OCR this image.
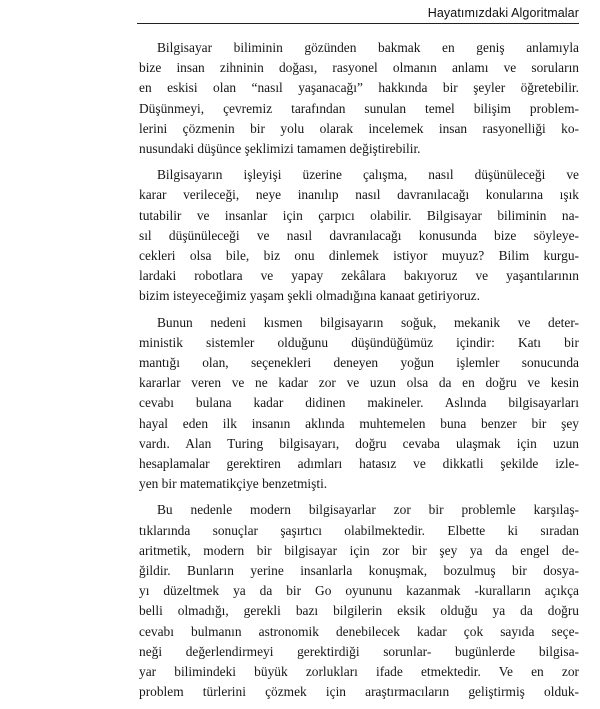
Hayatımızdaki Algoritmalar

Bilgisayar biliminin gözünden bakmak en geniş anlamıyla
bize insan zihninin doğası, rasyonel olmanın anlamı ve soruların
en eskisi olan “nasıl yaşanacağı” hakkında bir şeyler öğretebilir.
Düşünmeyi, çevremiz tarafından sunulan temel bilişim problem-
lerini çözmenin bir yolu olarak incelemek insan rasyonelliği ko-
nusundaki düşünce şeklimizi tamamen değiştirebilir.

Bilgisayarın işleyişi üzerine çalışma, nasıl düşünüleceği ve
karar verileceği, neye inanılıp nasıl davranılacağı konularına ışık
tutabilir ve insanlar için çarpıcı olabilir. Bilgisayar biliminin na-
sıl düşünüleceği ve nasıl davranılacağı konusunda bize söyleye-
cekleri olsa bile, biz onu dinlemek istiyor muyuz? Bilim kurgu-
lardaki robotlara ve yapay zekâlara bakıyoruz ve yaşantılarının
bizim isteyeceğimiz yaşam şekli olmadığına kanaat getiriyoruz.

Bunun nedeni kısmen bilgisayarın soğuk, mekanik ve deter-
ministik sistemler olduğunu düşündüğümüz içindir: Katı bir
mantığı olan, seçenekleri deneyen yoğun işlemler sonucunda
kararlar veren ve ne kadar zor ve uzun olsa da en doğru ve kesin
cevabı bulana kadar didinen makineler. Aslında bilgisayarları
hayal eden ilk insanın aklında muhtemelen buna benzer bir şey
vardı. Alan Turing bilgisayarı, doğru cevaba ulaşmak için uzun
hesaplamalar gerektiren adımları hatasız ve dikkatli şekilde izle-
yen bir matematikçiye benzetmişti.

Bu nedenle modern bilgisayarlar zor bir problemle karşılaş-
tıklarında sonuçlar şaşırtıcı olabilmektedir. Elbette ki sıradan
aritmetik, modern bir bilgisayar için zor bir şey ya da engel de-
ğildir. Bunların yerine insanlarla konuşmak, bozulmuş bir dosya-
yı düzeltmek ya da bir Go oyununu kazanmak -kuralların açıkça
belli olmadığı, gerekli bazı bilgilerin eksik olduğu ya da doğru
cevabı bulmanın astronomik denebilecek kadar çok sayıda seçe-
neği değerlendirmeyi gerektirdiği sorunlar- bugünlerde bilgisa-
yar bilimindeki büyük zorlukları ifade etmektedir. Ve en zor
problem türlerini çözmek için araştırmacıların geliştirmiş olduk-
